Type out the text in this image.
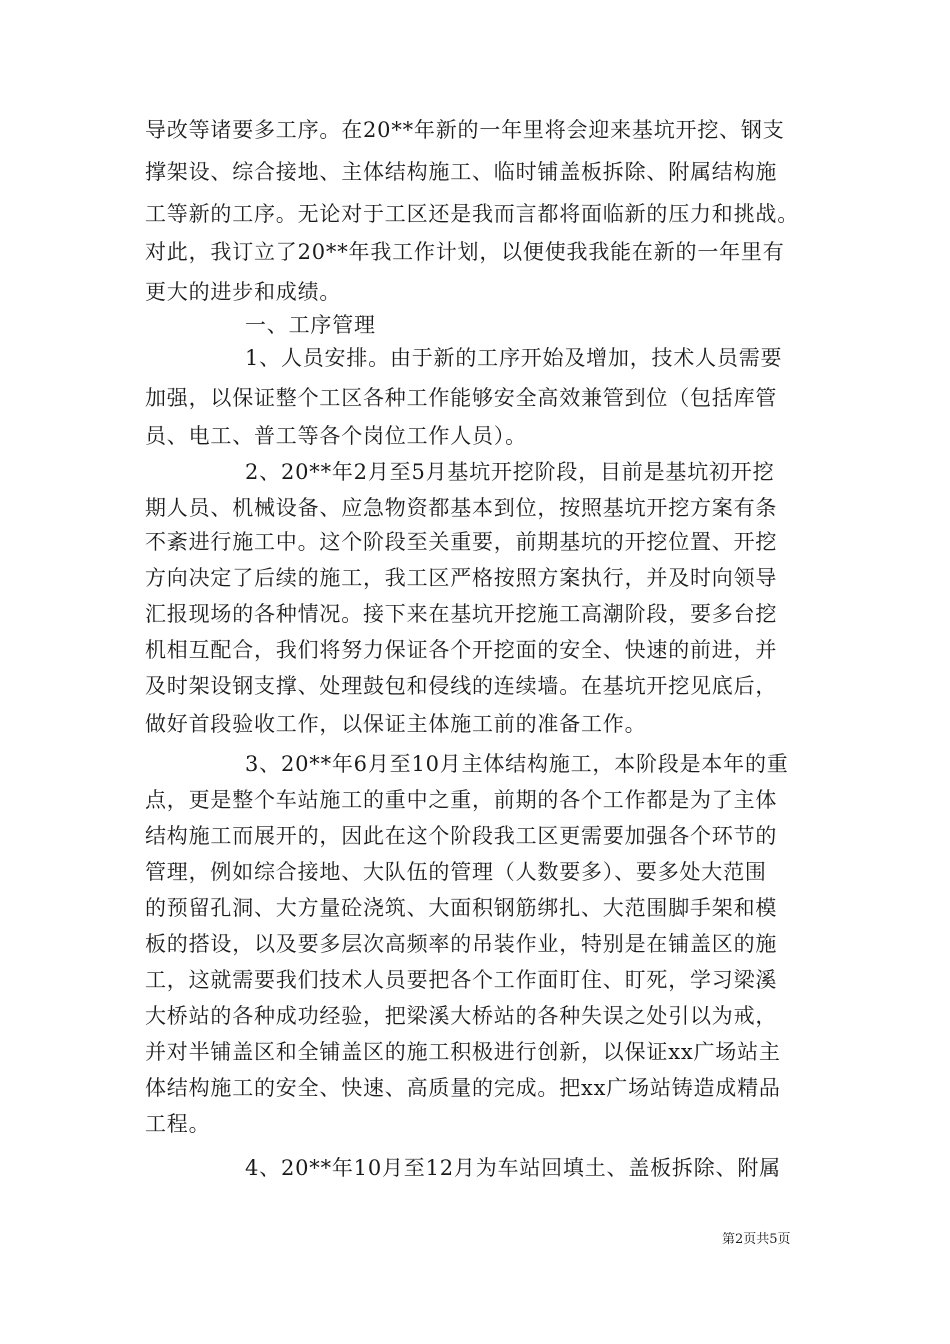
导改等诸要多工序。在20**年新的一年里将会迎来基坑开挖、钢支
撑架设、综合接地、主体结构施工、临时铺盖板拆除、附属结构施
工等新的工序。无论对于工区还是我而言都将面临新的压力和挑战。
对此，我订立了20**年我工作计划，以便使我我能在新的一年里有
更大的进步和成绩。
一、工序管理
1、人员安排。由于新的工序开始及增加，技术人员需要
加强，以保证整个工区各种工作能够安全高效兼管到位（包括库管
员、电工、普工等各个岗位工作人员）。
2、20**年2月至5月基坑开挖阶段，目前是基坑初开挖
期人员、机械设备、应急物资都基本到位，按照基坑开挖方案有条
不紊进行施工中。这个阶段至关重要，前期基坑的开挖位置、开挖
方向决定了后续的施工，我工区严格按照方案执行，并及时向领导
汇报现场的各种情况。接下来在基坑开挖施工高潮阶段，要多台挖
机相互配合，我们将努力保证各个开挖面的安全、快速的前进，并
及时架设钢支撑、处理鼓包和侵线的连续墙。在基坑开挖见底后，
做好首段验收工作，以保证主体施工前的准备工作。
3、20**年6月至10月主体结构施工，本阶段是本年的重
点，更是整个车站施工的重中之重，前期的各个工作都是为了主体
结构施工而展开的，因此在这个阶段我工区更需要加强各个环节的
管理，例如综合接地、大队伍的管理（人数要多）、要多处大范围
的预留孔洞、大方量砼浇筑、大面积钢筋绑扎、大范围脚手架和模
板的搭设，以及要多层次高频率的吊装作业，特别是在铺盖区的施
工，这就需要我们技术人员要把各个工作面盯住、盯死，学习梁溪
大桥站的各种成功经验，把梁溪大桥站的各种失误之处引以为戒，
并对半铺盖区和全铺盖区的施工积极进行创新，以保证xx广场站主
体结构施工的安全、快速、高质量的完成。把xx广场站铸造成精品
工程。
4、20**年10月至12月为车站回填土、盖板拆除、附属
第2页共5页
